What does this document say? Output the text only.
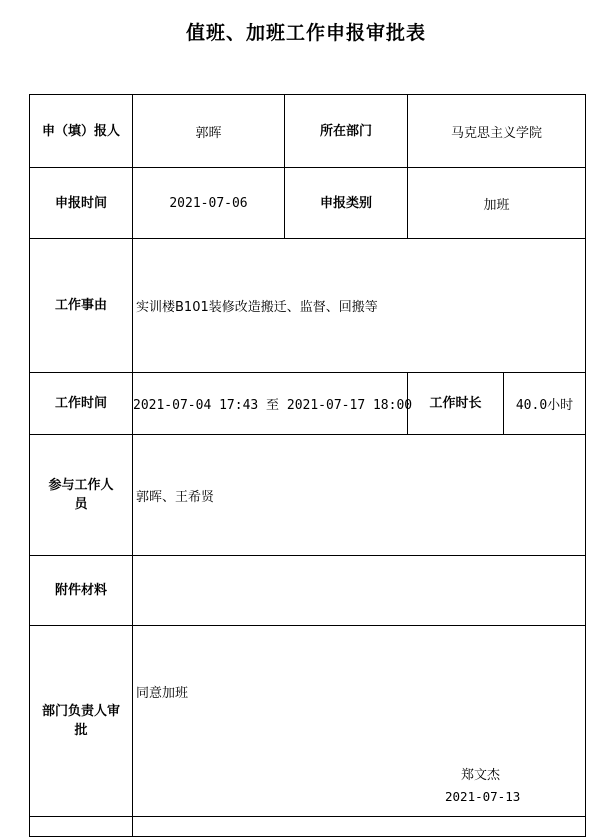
值班、加班工作申报审批表
申（填）报人	郭晖	所在部门	马克思主义学院	
申报时间	2021-07-06	申报类别	加班	
工作事由	实训楼B101装修改造搬迁、监督、回搬等			
工作时间	2021-07-04 17:43 至 2021-07-17 18:00		工作时长	40.0小时

参与工作人员	郭晖、王希贤			
附件材料				

部门负责人审批	同意加班
郑文杰
2021-07-13			
